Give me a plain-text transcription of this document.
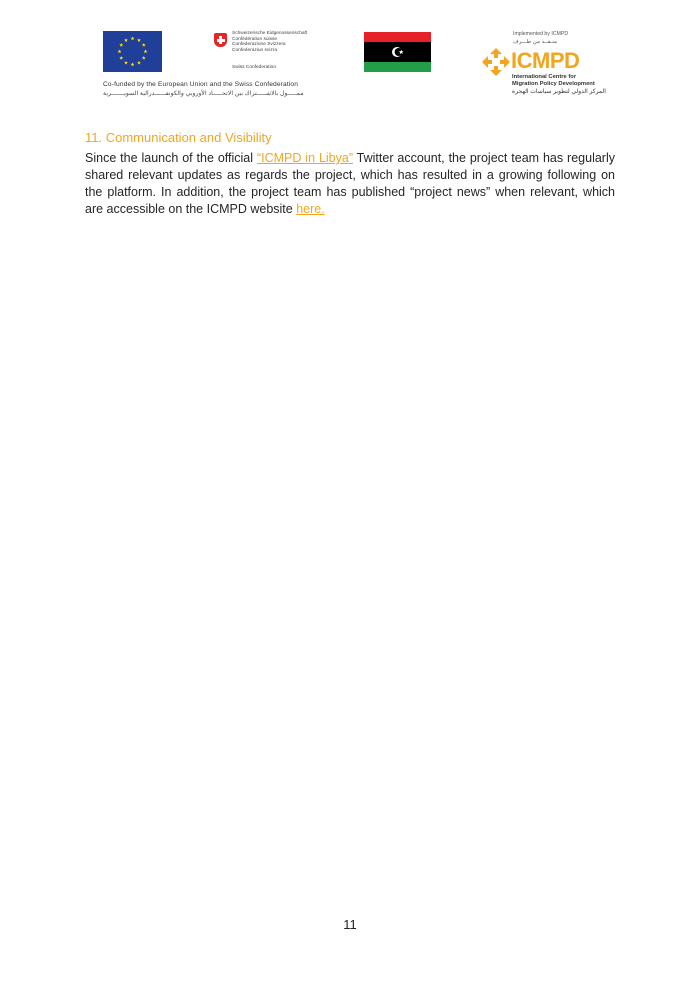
Schweizerische Eidgenossenschaft
Confédération suisse
Confederazione Svizzera
Confederaziun svizra
Swiss Confederation
Co-funded by the European Union and the Swiss Confederation
ممـــــول بالاشـــــتراك بين الاتحـــــاد الأوروبي والكونفــــــدرالية السويـــــــرية
Implemented by ICMPD
منـفــذ من طـــرف
ICMPD
International Centre for
Migration Policy Development
المركز الدولي لتطوير سياسات الهجرة
11. Communication and Visibility

Since the launch of the official “ICMPD in Libya” Twitter account, the project team has regularly shared relevant updates as regards the project, which has resulted in a growing following on the platform. In addition, the project team has published “project news” when relevant, which are accessible on the ICMPD website here.

11
